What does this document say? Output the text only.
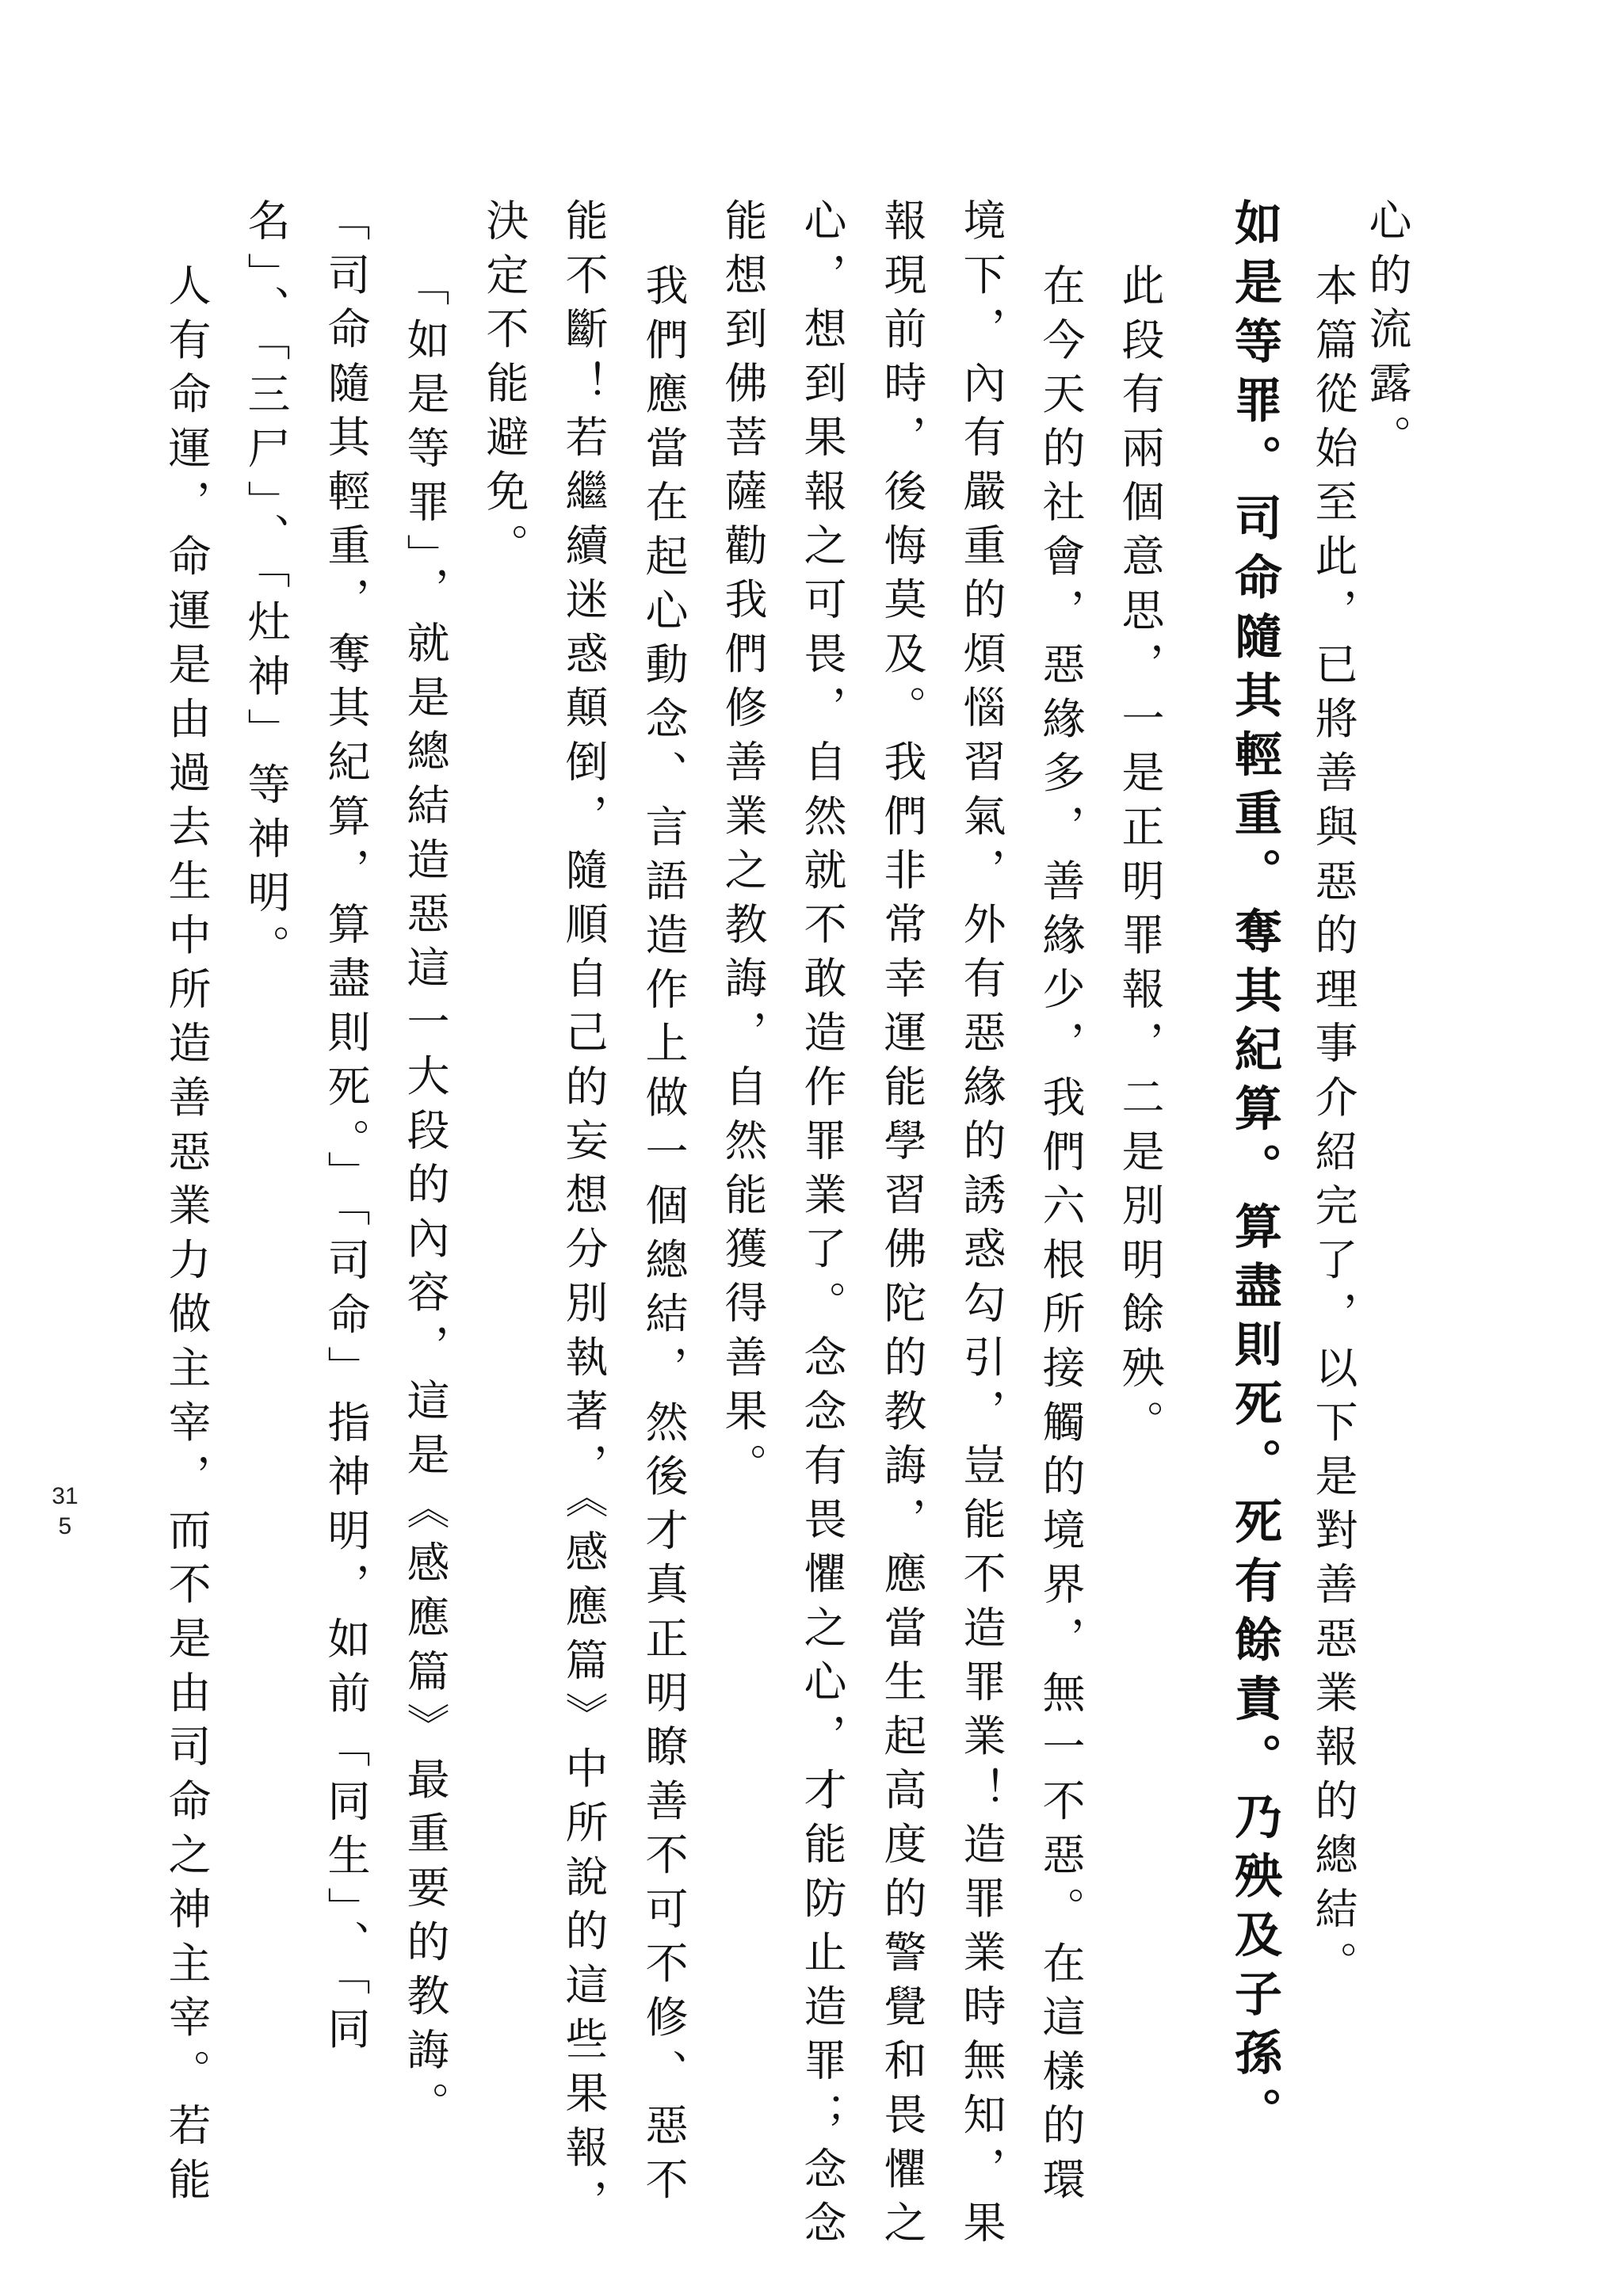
心的流露。

本篇從始至此，已將善與惡的理事介紹完了，以下是對善惡業報的總結。

如是等罪。司命隨其輕重。奪其紀算。算盡則死。死有餘責。乃殃及子孫。

此段有兩個意思，一是正明罪報，二是別明餘殃。

在今天的社會，惡緣多，善緣少，我們六根所接觸的境界，無一不惡。在這樣的環

境下，內有嚴重的煩惱習氣，外有惡緣的誘惑勾引，豈能不造罪業！造罪業時無知，果

報現前時，後悔莫及。我們非常幸運能學習佛陀的教誨，應當生起高度的警覺和畏懼之

心，想到果報之可畏，自然就不敢造作罪業了。念念有畏懼之心，才能防止造罪；念念

能想到佛菩薩勸我們修善業之教誨，自然能獲得善果。

我們應當在起心動念、言語造作上做一個總結，然後才真正明瞭善不可不修、惡不

能不斷！若繼續迷惑顛倒，隨順自己的妄想分別執著，《感應篇》中所說的這些果報，

決定不能避免。

「如是等罪」，就是總結造惡這一大段的內容，這是《感應篇》最重要的教誨。

「司命隨其輕重，奪其紀算，算盡則死。」「司命」指神明，如前「同生」、「同

名」、「三尸」、「灶神」等神明。

人有命運，命運是由過去生中所造善惡業力做主宰，而不是由司命之神主宰。若能

315
